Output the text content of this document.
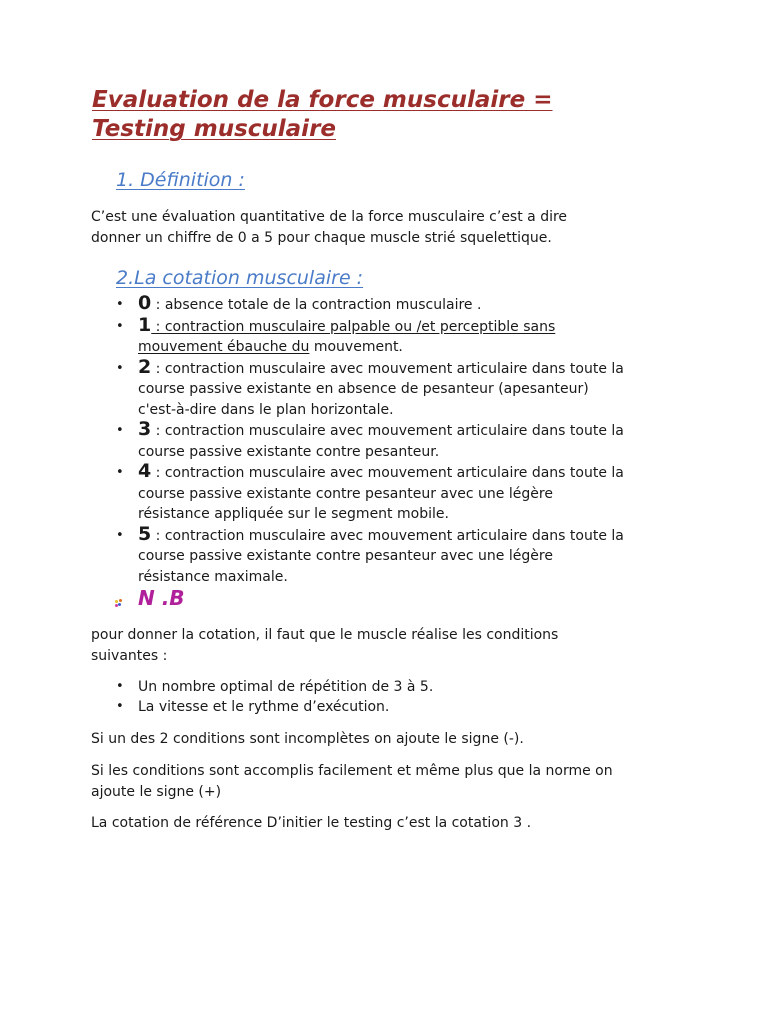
Evaluation de la force musculaire =
Testing musculaire
1. Définition :

C’est une évaluation quantitative de la force musculaire c’est a dire
donner un chiffre de 0 a 5 pour chaque muscle strié squelettique.

2.La cotation musculaire :
• 0 : absence totale de la contraction musculaire .
• 1 : contraction musculaire palpable ou /et perceptible sans
mouvement ébauche du mouvement.
• 2 : contraction musculaire avec mouvement articulaire dans toute la
course passive existante en absence de pesanteur (apesanteur)
c'est-à-dire dans le plan horizontale.
• 3 : contraction musculaire avec mouvement articulaire dans toute la
course passive existante contre pesanteur.
• 4 : contraction musculaire avec mouvement articulaire dans toute la
course passive existante contre pesanteur avec une légère
résistance appliquée sur le segment mobile.
• 5 : contraction musculaire avec mouvement articulaire dans toute la
course passive existante contre pesanteur avec une légère
résistance maximale.
N .B

pour donner la cotation, il faut que le muscle réalise les conditions
suivantes :

• Un nombre optimal de répétition de 3 à 5.
• La vitesse et le rythme d’exécution.

Si un des 2 conditions sont incomplètes on ajoute le signe (-).

Si les conditions sont accomplis facilement et même plus que la norme on
ajoute le signe (+)

La cotation de référence D’initier le testing c’est la cotation 3 .
